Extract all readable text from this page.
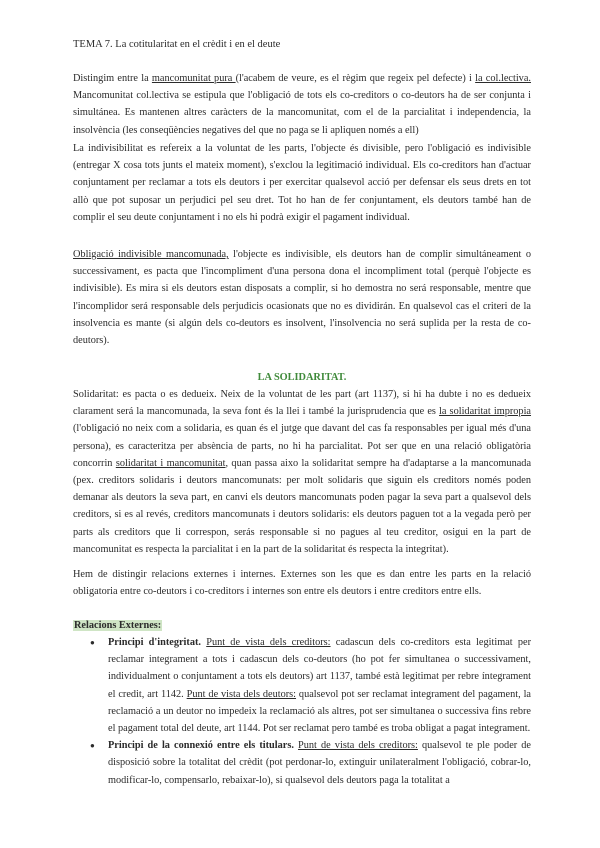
TEMA 7. La cotitularitat en el crèdit i en el deute

Distingim entre la mancomunitat pura (l'acabem de veure, es el règim que regeix pel defecte) i la col.lectiva. Mancomunitat col.lectiva se estipula que l'obligació de tots els co-creditors o co-deutors ha de ser conjunta i simultánea. Es mantenen altres caràcters de la mancomunitat, com el de la parcialitat i independencia, la insolvència (les conseqüències negatives del que no paga se li apliquen només a ell)

La indivisibilitat es refereix a la voluntat de les parts, l'objecte és divisible, pero l'obligació es indivisible (entregar X cosa tots junts el mateix moment), s'exclou la legitimació individual. Els co-creditors han d'actuar conjuntament per reclamar a tots els deutors i per exercitar qualsevol acció per defensar els seus drets en tot allò que pot suposar un perjudici pel seu dret. Tot ho han de fer conjuntament, els deutors també han de complir el seu deute conjuntament i no els hi podrà exigir el pagament individual.

Obligació indivisible mancomunada, l'objecte es indivisible, els deutors han de complir simultáneament o successivament, es pacta que l'incompliment d'una persona dona el incompliment total (perquè l'objecte es indivisible). Es mira si els deutors estan disposats a complir, si ho demostra no será responsable, mentre que l'incomplidor será responsable dels perjudicis ocasionats que no es dividirán. En qualsevol cas el criteri de la insolvencia es mante (si algún dels co-deutors es insolvent, l'insolvencia no será suplida per la resta de co-deutors).

LA SOLIDARITAT.

Solidaritat: es pacta o es dedueix. Neix de la voluntat de les part (art 1137), si hi ha dubte i no es dedueix clarament será la mancomunada, la seva font és la llei i també la jurisprudencia que es la solidaritat impropia (l'obligació no neix com a solidaria, es quan és el jutge que davant del cas fa responsables per igual més d'una persona), es caracteritza per absència de parts, no hi ha parcialitat. Pot ser que en una relació obligatòria concorrin solidaritat i mancomunitat, quan passa aixo la solidaritat sempre ha d'adaptarse a la mancomunada (pex. creditors solidaris i deutors mancomunats: per molt solidaris que siguin els creditors només poden demanar als deutors la seva part, en canvi els deutors mancomunats poden pagar la seva part a qualsevol dels creditors, si es al revés, creditors mancomunats i deutors solidaris: els deutors paguen tot a la vegada però per parts als creditors que li correspon, serás responsable si no pagues al teu creditor, osigui en la part de mancomunitat es respecta la parcialitat i en la part de la solidaritat és respecta la integritat).

Hem de distingir relacions externes i internes. Externes son les que es dan entre les parts en la relació obligatoria entre co-deutors i co-creditors i internes son entre els deutors i entre creditors entre ells.

Relacions Externes:
● Principi d'integritat. Punt de vista dels creditors: cadascun dels co-creditors esta legitimat per reclamar integrament a tots i cadascun dels co-deutors (ho pot fer simultanea o successivament, individualment o conjuntament a tots els deutors) art 1137, també està legitimat per rebre íntegrament el credit, art 1142. Punt de vista dels deutors: qualsevol pot ser reclamat integrament del pagament, la reclamació a un deutor no impedeix la reclamació als altres, pot ser simultanea o successiva fins rebre el pagament total del deute, art 1144. Pot ser reclamat pero també es troba obligat a pagat integrament.
● Principi de la connexió entre els titulars. Punt de vista dels creditors: qualsevol te ple poder de disposició sobre la totalitat del crèdit (pot perdonar-lo, extinguir unilateralment l'obligació, cobrar-lo, modificar-lo, compensarlo, rebaixar-lo), si qualsevol dels deutors paga la totalitat a
